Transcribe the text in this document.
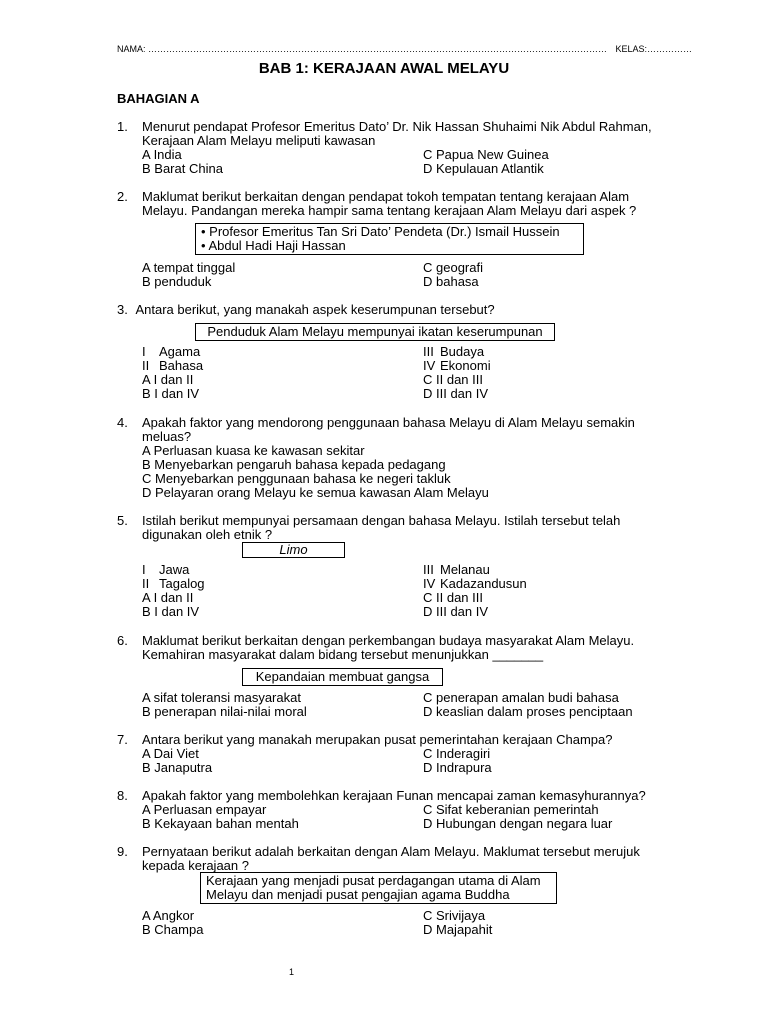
NAMA: ……………………………………………………………………………………………………………………………………… KELAS:……………
BAB 1: KERAJAAN AWAL MELAYU
BAHAGIAN A
1. Menurut pendapat Profesor Emeritus Dato’ Dr. Nik Hassan Shuhaimi Nik Abdul Rahman,
Kerajaan Alam Melayu meliputi kawasan
A India	C Papua New Guinea
B Barat China	D Kepulauan Atlantik
2. Maklumat berikut berkaitan dengan pendapat tokoh tempatan tentang kerajaan Alam
Melayu. Pandangan mereka hampir sama tentang kerajaan Alam Melayu dari aspek ?
• Profesor Emeritus Tan Sri Dato’ Pendeta (Dr.) Ismail Hussein
• Abdul Hadi Haji Hassan
A tempat tinggal	C geografi
B penduduk	D bahasa
3. Antara berikut, yang manakah aspek keserumpunan tersebut?
Penduduk Alam Melayu mempunyai ikatan keserumpunan
I Agama	III Budaya
II Bahasa	IV Ekonomi
A I dan II	C II dan III
B I dan IV	D III dan IV
4. Apakah faktor yang mendorong penggunaan bahasa Melayu di Alam Melayu semakin
meluas?
A Perluasan kuasa ke kawasan sekitar
B Menyebarkan pengaruh bahasa kepada pedagang
C Menyebarkan penggunaan bahasa ke negeri takluk
D Pelayaran orang Melayu ke semua kawasan Alam Melayu
5. Istilah berikut mempunyai persamaan dengan bahasa Melayu. Istilah tersebut telah
digunakan oleh etnik ?
Limo
I Jawa	III Melanau
II Tagalog	IV Kadazandusun
A I dan II	C II dan III
B I dan IV	D III dan IV
6. Maklumat berikut berkaitan dengan perkembangan budaya masyarakat Alam Melayu.
Kemahiran masyarakat dalam bidang tersebut menunjukkan _______
Kepandaian membuat gangsa
A sifat toleransi masyarakat	C penerapan amalan budi bahasa
B penerapan nilai-nilai moral	D keaslian dalam proses penciptaan
7. Antara berikut yang manakah merupakan pusat pemerintahan kerajaan Champa?
A Dai Viet	C Inderagiri
B Janaputra	D Indrapura
8. Apakah faktor yang membolehkan kerajaan Funan mencapai zaman kemasyhurannya?
A Perluasan empayar	C Sifat keberanian pemerintah
B Kekayaan bahan mentah	D Hubungan dengan negara luar
9. Pernyataan berikut adalah berkaitan dengan Alam Melayu. Maklumat tersebut merujuk
kepada kerajaan ?
Kerajaan yang menjadi pusat perdagangan utama di Alam
Melayu dan menjadi pusat pengajian agama Buddha
A Angkor	C Srivijaya
B Champa	D Majapahit
1
